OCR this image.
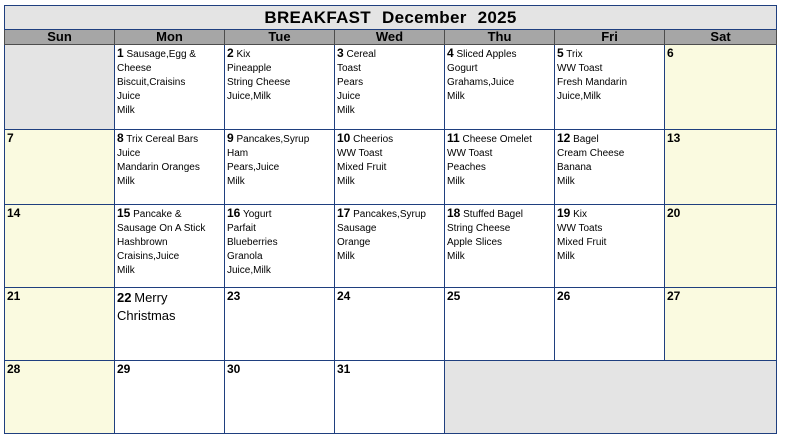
BREAKFAST December 2025						
Sun	Mon	Tue	Wed	Thu	Fri	Sat
	1 Sausage,Egg &
Cheese Biscuit,Craisins
Juice
Milk	2 Kix
Pineapple
String Cheese
Juice,Milk	3 Cereal
Toast
Pears
Juice
Milk	4 Sliced Apples
Gogurt
Grahams,Juice
Milk	5 Trix
WW Toast
Fresh Mandarin
Juice,Milk	6
7	8 Trix Cereal Bars
Juice
Mandarin Oranges
Milk	9 Pancakes,Syrup
Ham
Pears,Juice
Milk	10 Cheerios
WW Toast
Mixed Fruit
Milk	11 Cheese Omelet
WW Toast
Peaches
Milk	12 Bagel
Cream Cheese
Banana
Milk	13
14	15 Pancake &
Sausage On A Stick
Hashbrown
Craisins,Juice
Milk	16 Yogurt
Parfait
Blueberries
Granola
Juice,Milk	17 Pancakes,Syrup
Sausage
Orange
Milk	18 Stuffed Bagel
String Cheese
Apple Slices
Milk	19 Kix
WW Toats
Mixed Fruit
Milk	20
21	22 Merry
Christmas	23	24	25	26	27
28	29	30	31			
